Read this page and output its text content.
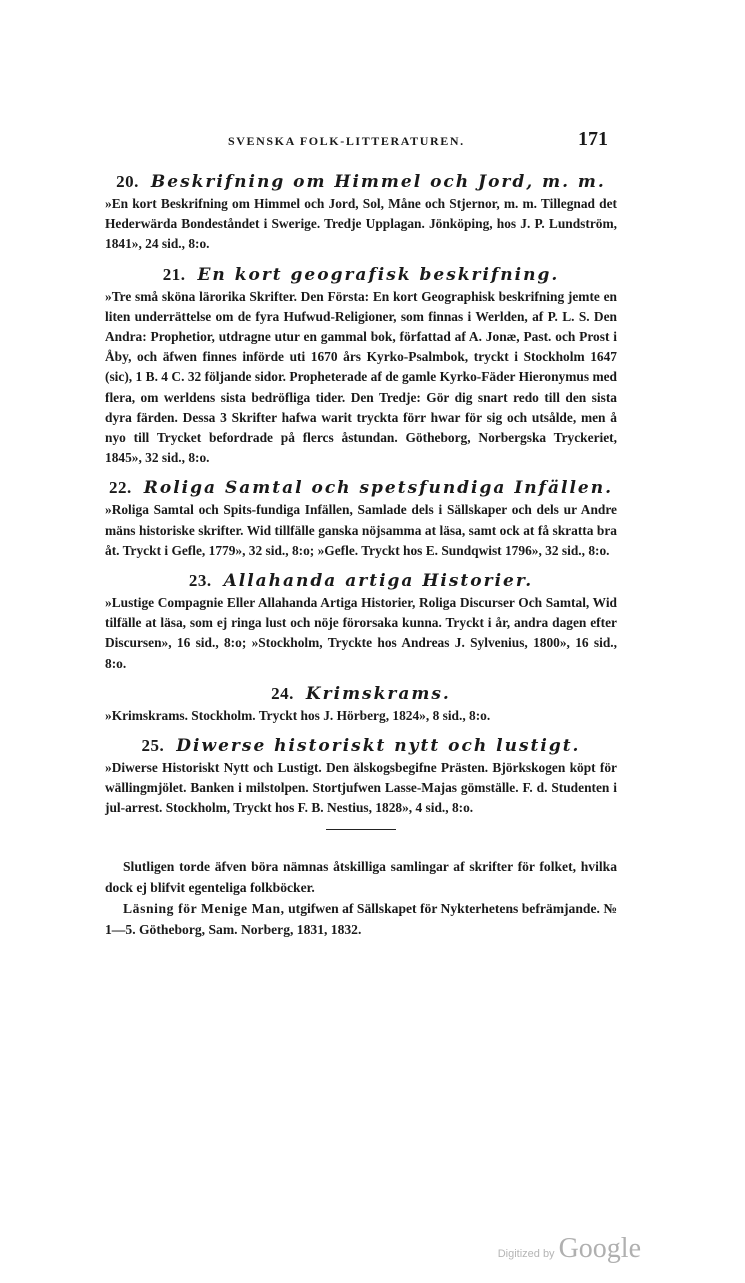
SVENSKA FOLK-LITTERATUREN.	171
20. Beskrifning om Himmel och Jord, m. m.

»En kort Beskrifning om Himmel och Jord, Sol, Måne och Stjernor, m. m. Tillegnad det Hederwärda Bondeståndet i Swerige. Tredje Upplagan. Jönköping, hos J. P. Lundström, 1841», 24 sid., 8:o.

21. En kort geografisk beskrifning.

»Tre små sköna lärorika Skrifter. Den Första: En kort Geographisk beskrifning jemte en liten underrättelse om de fyra Hufwud-Religioner, som finnas i Werlden, af P. L. S. Den Andra: Prophetior, utdragne utur en gammal bok, författad af A. Jonæ, Past. och Prost i Åby, och äfwen finnes införde uti 1670 års Kyrko-Psalmbok, tryckt i Stockholm 1647 (sic), 1 B. 4 C. 32 följande sidor. Propheterade af de gamle Kyrko-Fäder Hieronymus med flera, om werldens sista bedröfliga tider. Den Tredje: Gör dig snart redo till den sista dyra färden. Dessa 3 Skrifter hafwa warit tryckta förr hwar för sig och utsålde, men å nyo till Trycket befordrade på flercs åstundan. Götheborg, Norbergska Tryckeriet, 1845», 32 sid., 8:o.

22. Roliga Samtal och spetsfundiga Infällen.

»Roliga Samtal och Spits-fundiga Infällen, Samlade dels i Sällskaper och dels ur Andre mäns historiske skrifter. Wid tillfälle ganska nöjsamma at läsa, samt ock at få skratta bra åt. Tryckt i Gefle, 1779», 32 sid., 8:o; »Gefle. Tryckt hos E. Sundqwist 1796», 32 sid., 8:o.

23. Allahanda artiga Historier.

»Lustige Compagnie Eller Allahanda Artiga Historier, Roliga Discurser Och Samtal, Wid tilfälle at läsa, som ej ringa lust och nöje förorsaka kunna. Tryckt i år, andra dagen efter Discursen», 16 sid., 8:o; »Stockholm, Tryckte hos Andreas J. Sylvenius, 1800», 16 sid., 8:o.

24. Krimskrams.

»Krimskrams. Stockholm. Tryckt hos J. Hörberg, 1824», 8 sid., 8:o.

25. Diwerse historiskt nytt och lustigt.

»Diwerse Historiskt Nytt och Lustigt. Den älskogsbegifne Prästen. Björkskogen köpt för wällingmjölet. Banken i milstolpen. Stortjufwen Lasse-Majas gömställe. F. d. Studenten i jul-arrest. Stockholm, Tryckt hos F. B. Nestius, 1828», 4 sid., 8:o.

Slutligen torde äfven böra nämnas åtskilliga samlingar af skrifter för folket, hvilka dock ej blifvit egenteliga folkböcker.

Läsning för Menige Man, utgifwen af Sällskapet för Nykterhetens befrämjande. № 1—5. Götheborg, Sam. Norberg, 1831, 1832.

Digitized by Google
